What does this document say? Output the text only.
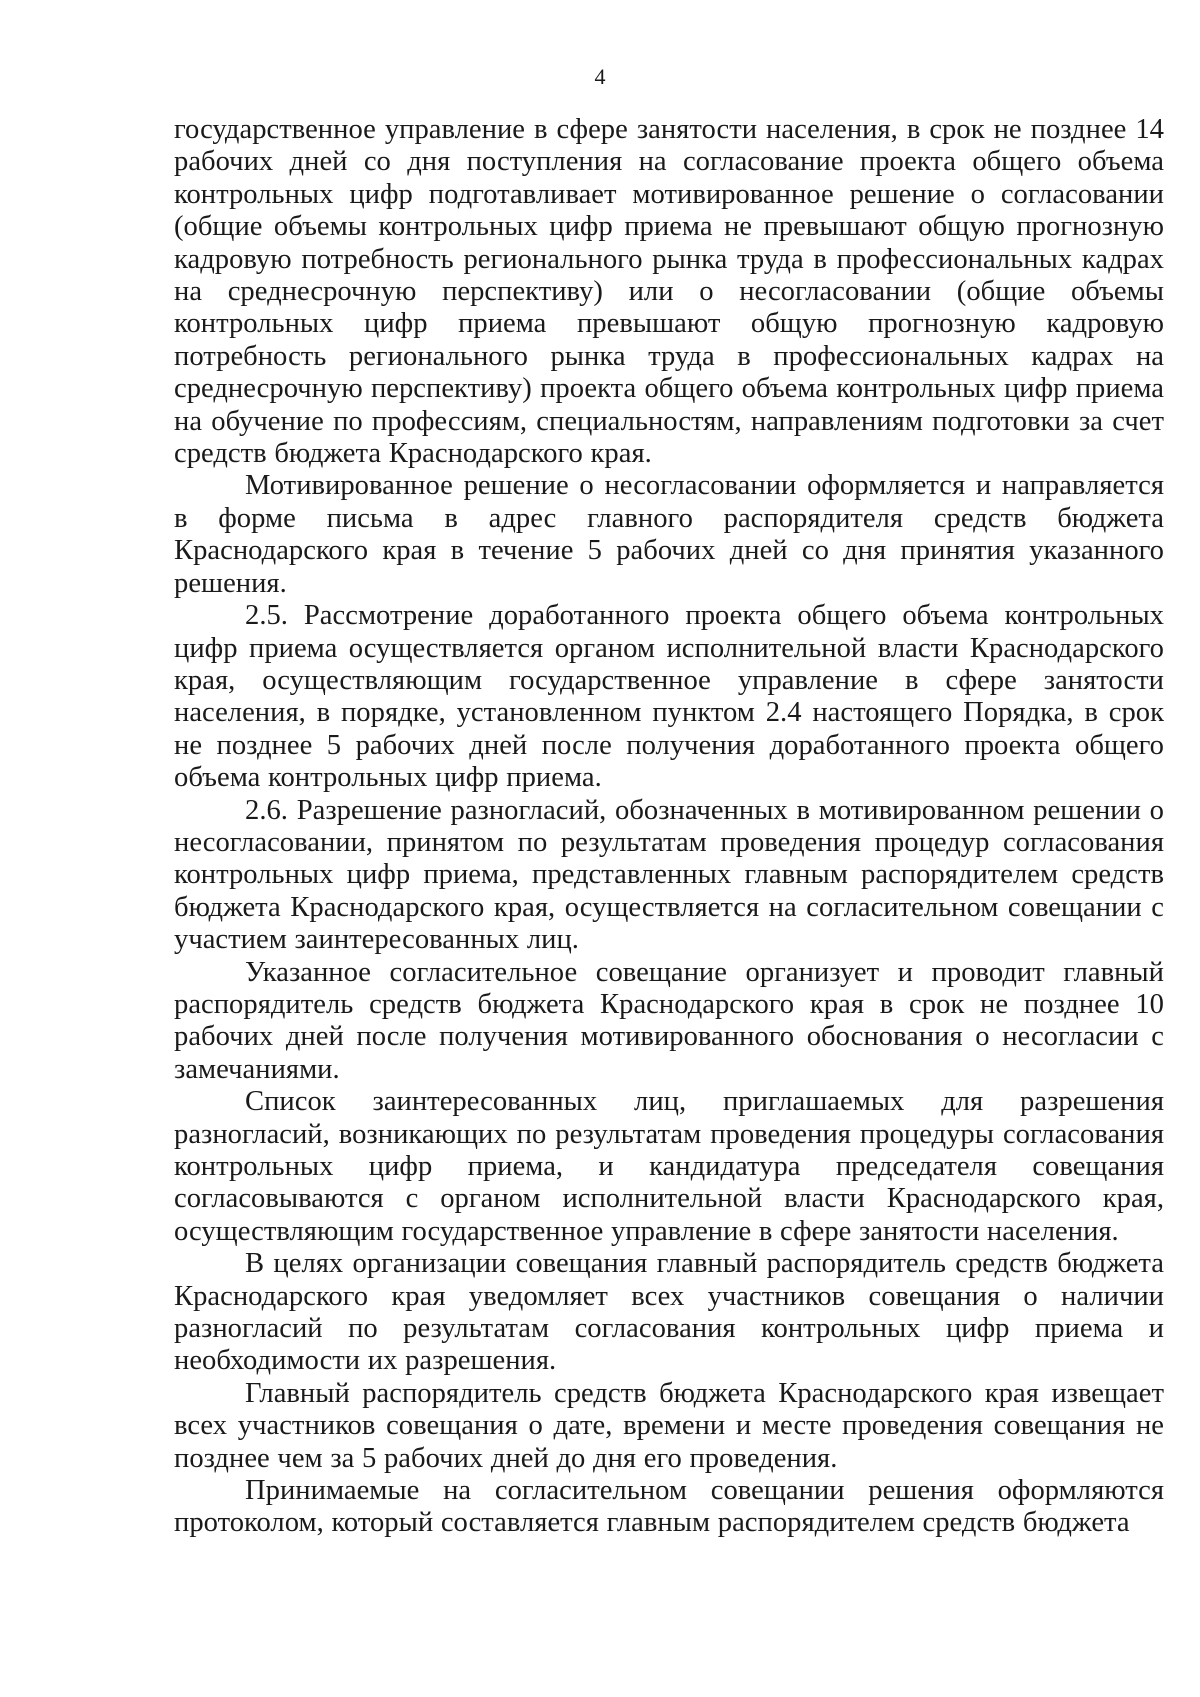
4

государственное управление в сфере занятости населения, в срок не позднее 14 рабочих дней со дня поступления на согласование проекта общего объема контрольных цифр подготавливает мотивированное решение о согласовании (общие объемы контрольных цифр приема не превышают общую прогнозную кадровую потребность регионального рынка труда в профессиональных кадрах на среднесрочную перспективу) или о несогласовании (общие объемы контрольных цифр приема превышают общую прогнозную кадровую потребность регионального рынка труда в профессиональных кадрах на среднесрочную перспективу) проекта общего объема контрольных цифр приема на обучение по профессиям, специальностям, направлениям подготовки за счет средств бюджета Краснодарского края.

Мотивированное решение о несогласовании оформляется и направляется в форме письма в адрес главного распорядителя средств бюджета Краснодарского края в течение 5 рабочих дней со дня принятия указанного решения.

2.5. Рассмотрение доработанного проекта общего объема контрольных цифр приема осуществляется органом исполнительной власти Краснодарского края, осуществляющим государственное управление в сфере занятости населения, в порядке, установленном пунктом 2.4 настоящего Порядка, в срок не позднее 5 рабочих дней после получения доработанного проекта общего объема контрольных цифр приема.

2.6. Разрешение разногласий, обозначенных в мотивированном решении о несогласовании, принятом по результатам проведения процедур согласования контрольных цифр приема, представленных главным распорядителем средств бюджета Краснодарского края, осуществляется на согласительном совещании с участием заинтересованных лиц.

Указанное согласительное совещание организует и проводит главный распорядитель средств бюджета Краснодарского края в срок не позднее 10 рабочих дней после получения мотивированного обоснования о несогласии с замечаниями.

Список заинтересованных лиц, приглашаемых для разрешения разногласий, возникающих по результатам проведения процедуры согласования контрольных цифр приема, и кандидатура председателя совещания согласовываются с органом исполнительной власти Краснодарского края, осуществляющим государственное управление в сфере занятости населения.

В целях организации совещания главный распорядитель средств бюджета Краснодарского края уведомляет всех участников совещания о наличии разногласий по результатам согласования контрольных цифр приема и необходимости их разрешения.

Главный распорядитель средств бюджета Краснодарского края извещает всех участников совещания о дате, времени и месте проведения совещания не позднее чем за 5 рабочих дней до дня его проведения.

Принимаемые на согласительном совещании решения оформляются протоколом, который составляется главным распорядителем средств бюджета
